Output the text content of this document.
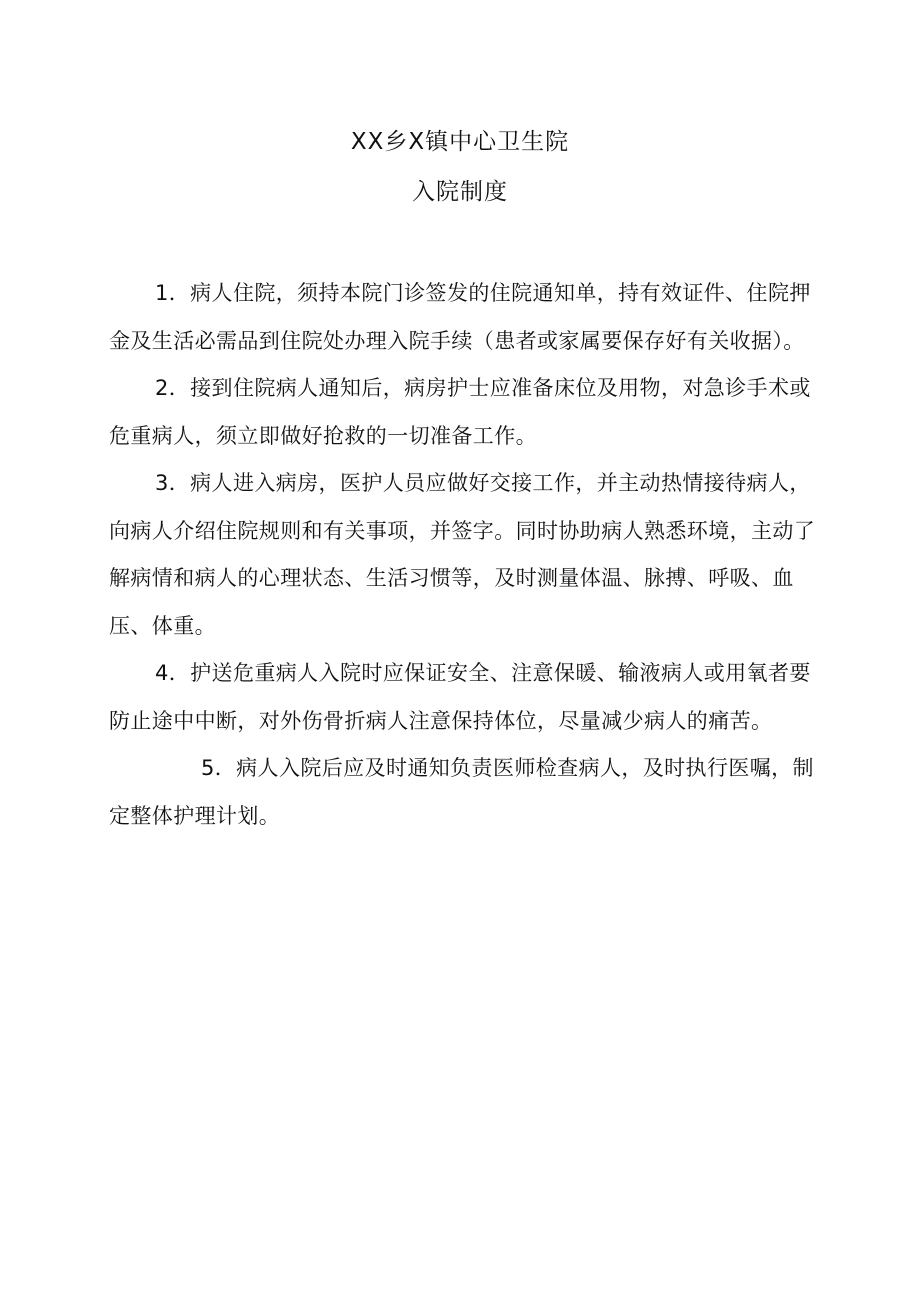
XX乡X镇中心卫生院
入院制度

1．病人住院，须持本院门诊签发的住院通知单，持有效证件、住院押金及生活必需品到住院处办理入院手续（患者或家属要保存好有关收据）。

2．接到住院病人通知后，病房护士应准备床位及用物，对急诊手术或危重病人，须立即做好抢救的一切准备工作。

3．病人进入病房，医护人员应做好交接工作，并主动热情接待病人，向病人介绍住院规则和有关事项，并签字。同时协助病人熟悉环境，主动了解病情和病人的心理状态、生活习惯等，及时测量体温、脉搏、呼吸、血压、体重。

4．护送危重病人入院时应保证安全、注意保暖、输液病人或用氧者要防止途中中断，对外伤骨折病人注意保持体位，尽量减少病人的痛苦。

5．病人入院后应及时通知负责医师检查病人，及时执行医嘱，制定整体护理计划。
